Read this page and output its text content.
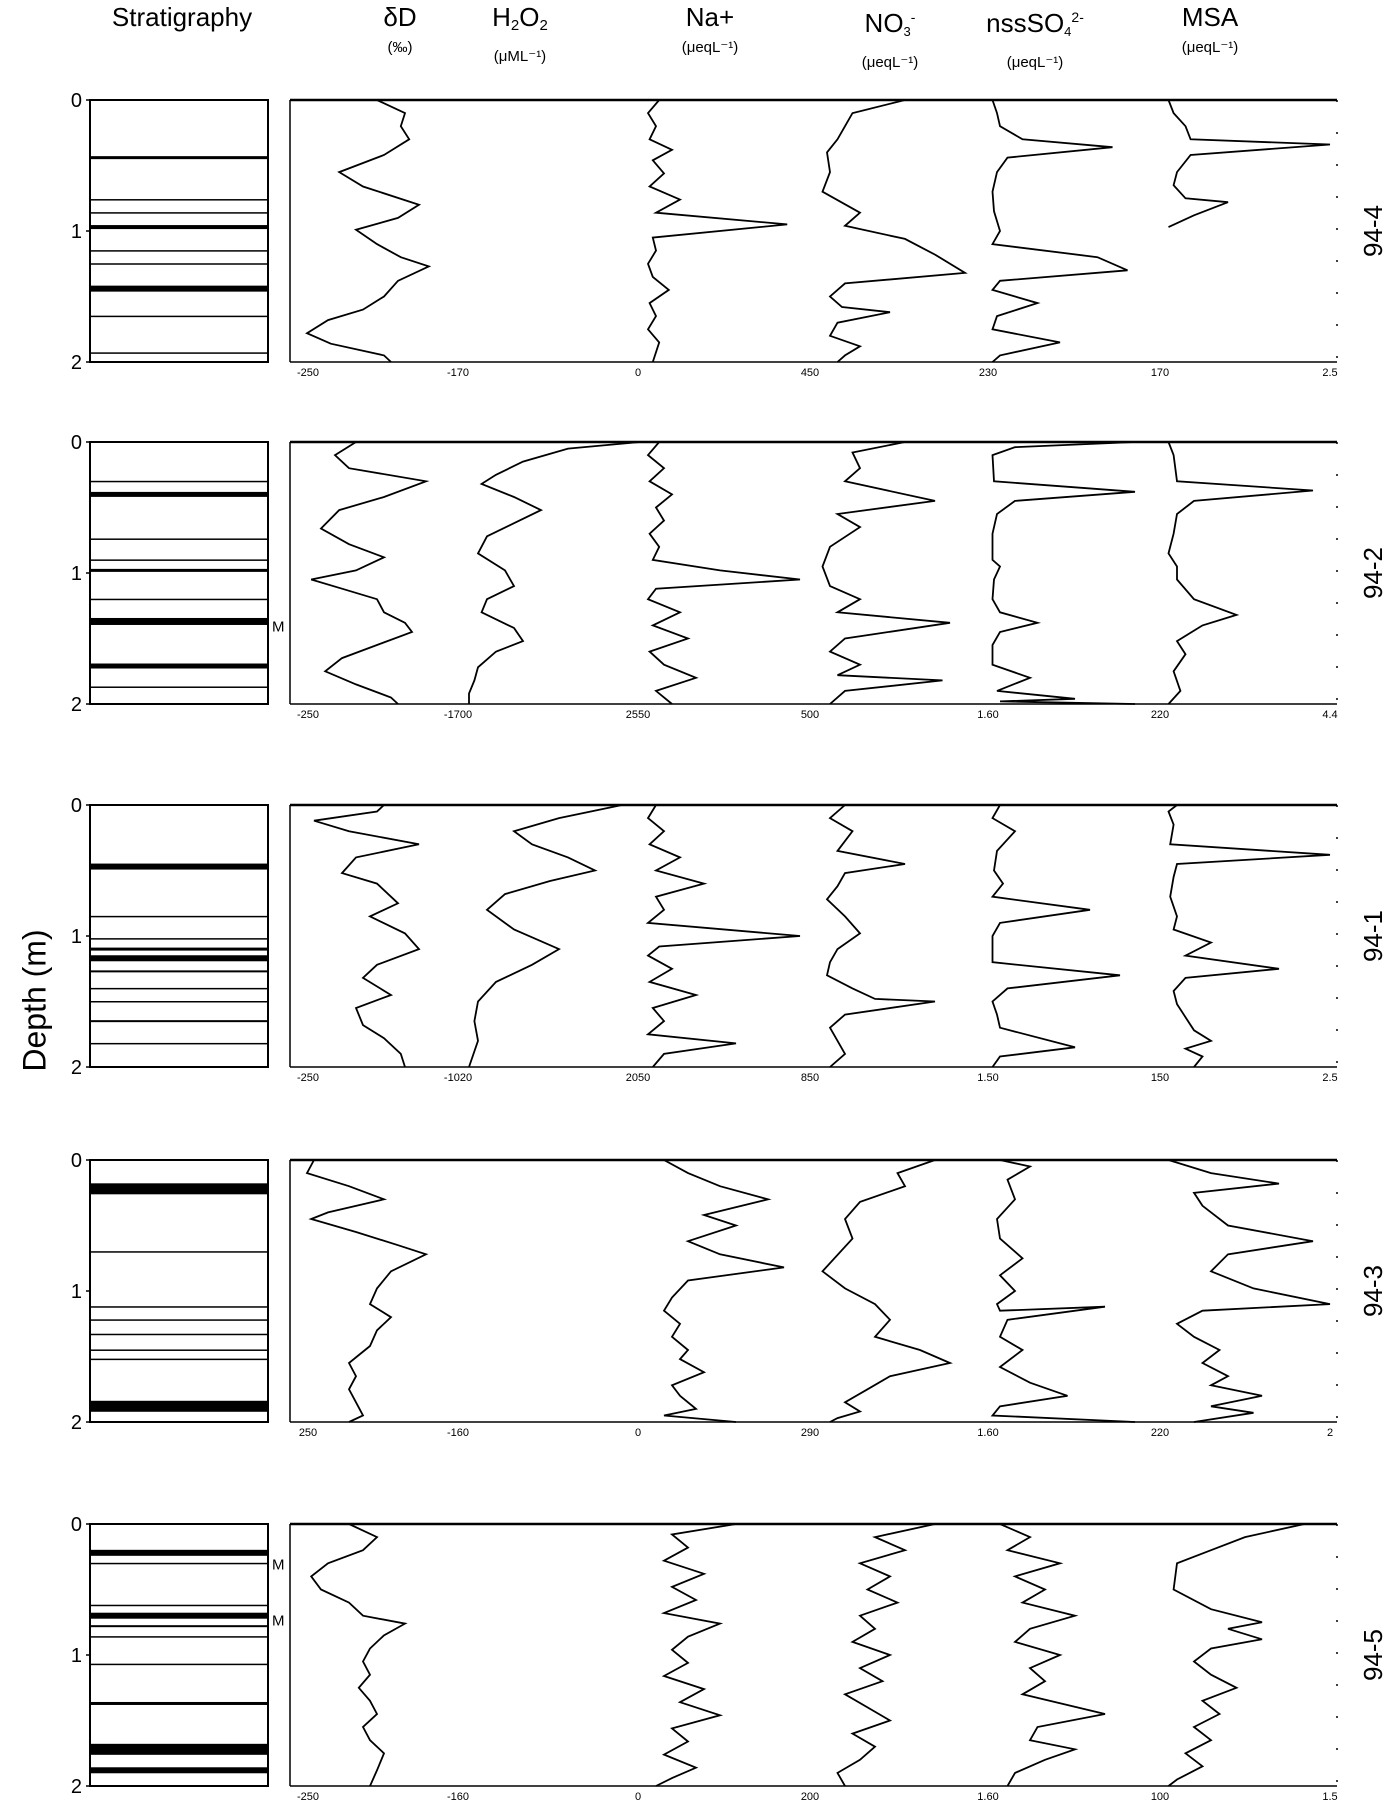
Stratigraphy	δD
(‰)
$H_2O_2$
(μML⁻¹)
Na+
(μeqL⁻¹)
NO3-
(μeqL⁻¹)
$nssSO4^{2-}$
(μeqL⁻¹)
MSA
(μeqL⁻¹)
Depth (m)
0
1
2	-250	-170	0	450	230	170	2.5
94-4
0
1
2
M
-250	-1700	2550	500	1.60	220	4.4
94-2
0
1
2	-250	-1020	2050	850	1.50	150	2.5
94-1
0
1
2	250	-160	0	290	1.60	220	2
94-3
0
1
2
M
M
-250	-160	0	200	1.60	100	1.5
94-5
